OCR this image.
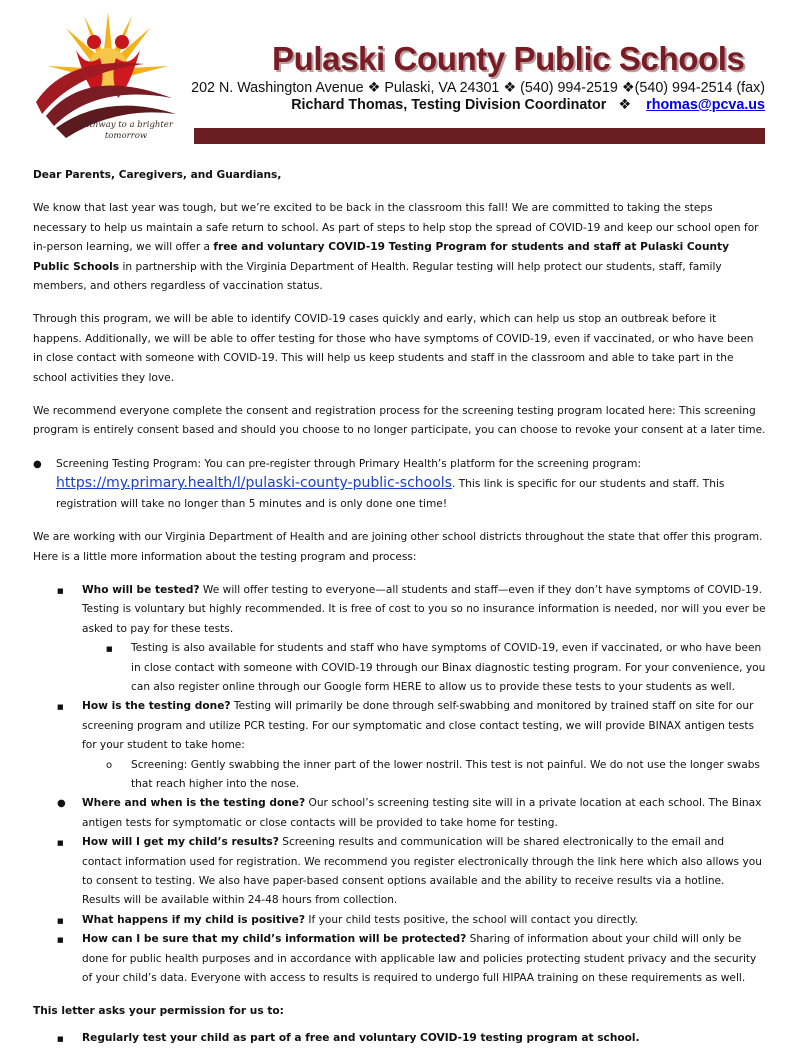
Pathway to a brighter tomorrow
Pulaski County Public Schools
202 N. Washington Avenue ❖ Pulaski, VA 24301 ❖ (540) 994-2519 ❖(540) 994-2514 (fax)
Richard Thomas, Testing Division Coordinator ❖ rhomas@pcva.us

Dear Parents, Caregivers, and Guardians,

We know that last year was tough, but we’re excited to be back in the classroom this fall! We are committed to taking the steps necessary to help us maintain a safe return to school. As part of steps to help stop the spread of COVID-19 and keep our school open for in-person learning, we will offer a free and voluntary COVID-19 Testing Program for students and staff at Pulaski County Public Schools in partnership with the Virginia Department of Health. Regular testing will help protect our students, staff, family members, and others regardless of vaccination status.

Through this program, we will be able to identify COVID-19 cases quickly and early, which can help us stop an outbreak before it happens. Additionally, we will be able to offer testing for those who have symptoms of COVID-19, even if vaccinated, or who have been in close contact with someone with COVID-19. This will help us keep students and staff in the classroom and able to take part in the school activities they love.

We recommend everyone complete the consent and registration process for the screening testing program located here: This screening program is entirely consent based and should you choose to no longer participate, you can choose to revoke your consent at a later time.

● Screening Testing Program: You can pre-register through Primary Health’s platform for the screening program: https://my.primary.health/l/pulaski-county-public-schools. This link is specific for our students and staff. This registration will take no longer than 5 minutes and is only done one time!

We are working with our Virginia Department of Health and are joining other school districts throughout the state that offer this program. Here is a little more information about the testing program and process:

■ Who will be tested? We will offer testing to everyone—all students and staff—even if they don’t have symptoms of COVID-19. Testing is voluntary but highly recommended. It is free of cost to you so no insurance information is needed, nor will you ever be asked to pay for these tests.
■ Testing is also available for students and staff who have symptoms of COVID-19, even if vaccinated, or who have been in close contact with someone with COVID-19 through our Binax diagnostic testing program. For your convenience, you can also register online through our Google form HERE to allow us to provide these tests to your students as well.
■ How is the testing done? Testing will primarily be done through self-swabbing and monitored by trained staff on site for our screening program and utilize PCR testing. For our symptomatic and close contact testing, we will provide BINAX antigen tests for your student to take home:
o Screening: Gently swabbing the inner part of the lower nostril. This test is not painful. We do not use the longer swabs that reach higher into the nose.
● Where and when is the testing done? Our school’s screening testing site will in a private location at each school. The Binax antigen tests for symptomatic or close contacts will be provided to take home for testing.
■ How will I get my child’s results? Screening results and communication will be shared electronically to the email and contact information used for registration. We recommend you register electronically through the link here which also allows you to consent to testing. We also have paper-based consent options available and the ability to receive results via a hotline. Results will be available within 24-48 hours from collection.
■ What happens if my child is positive? If your child tests positive, the school will contact you directly.
■ How can I be sure that my child’s information will be protected? Sharing of information about your child will only be done for public health purposes and in accordance with applicable law and policies protecting student privacy and the security of your child’s data. Everyone with access to results is required to undergo full HIPAA training on these requirements as well.

This letter asks your permission for us to:

■ Regularly test your child as part of a free and voluntary COVID-19 testing program at school.
